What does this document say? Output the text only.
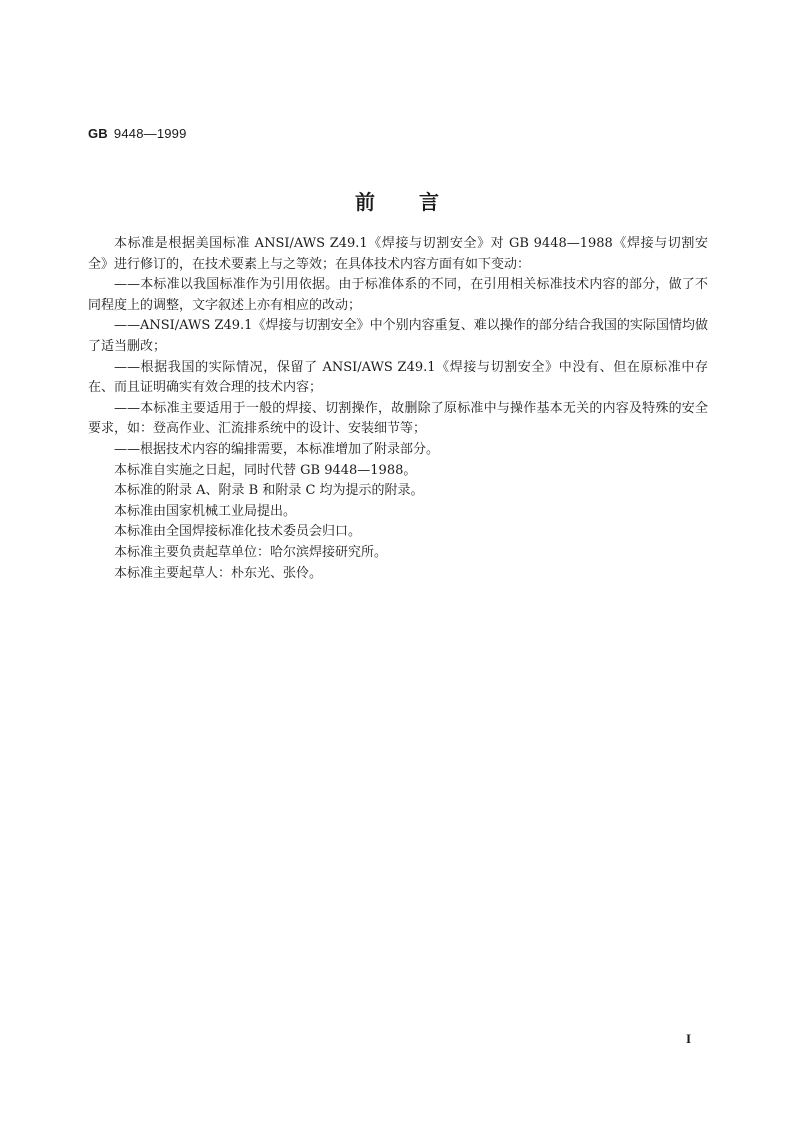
GB 9448—1999
前言

本标准是根据美国标准 ANSI/AWS Z49.1《焊接与切割安全》对 GB 9448—1988《焊接与切割安全》进行修订的，在技术要素上与之等效；在具体技术内容方面有如下变动：

——本标准以我国标准作为引用依据。由于标准体系的不同，在引用相关标准技术内容的部分，做了不同程度上的调整，文字叙述上亦有相应的改动；

——ANSI/AWS Z49.1《焊接与切割安全》中个别内容重复、难以操作的部分结合我国的实际国情均做了适当删改；

——根据我国的实际情况，保留了 ANSI/AWS Z49.1《焊接与切割安全》中没有、但在原标准中存在、而且证明确实有效合理的技术内容；

——本标准主要适用于一般的焊接、切割操作，故删除了原标准中与操作基本无关的内容及特殊的安全要求，如：登高作业、汇流排系统中的设计、安装细节等；

——根据技术内容的编排需要，本标准增加了附录部分。

本标准自实施之日起，同时代替 GB 9448—1988。

本标准的附录 A、附录 B 和附录 C 均为提示的附录。

本标准由国家机械工业局提出。

本标准由全国焊接标准化技术委员会归口。

本标准主要负责起草单位：哈尔滨焊接研究所。

本标准主要起草人：朴东光、张伶。

I
